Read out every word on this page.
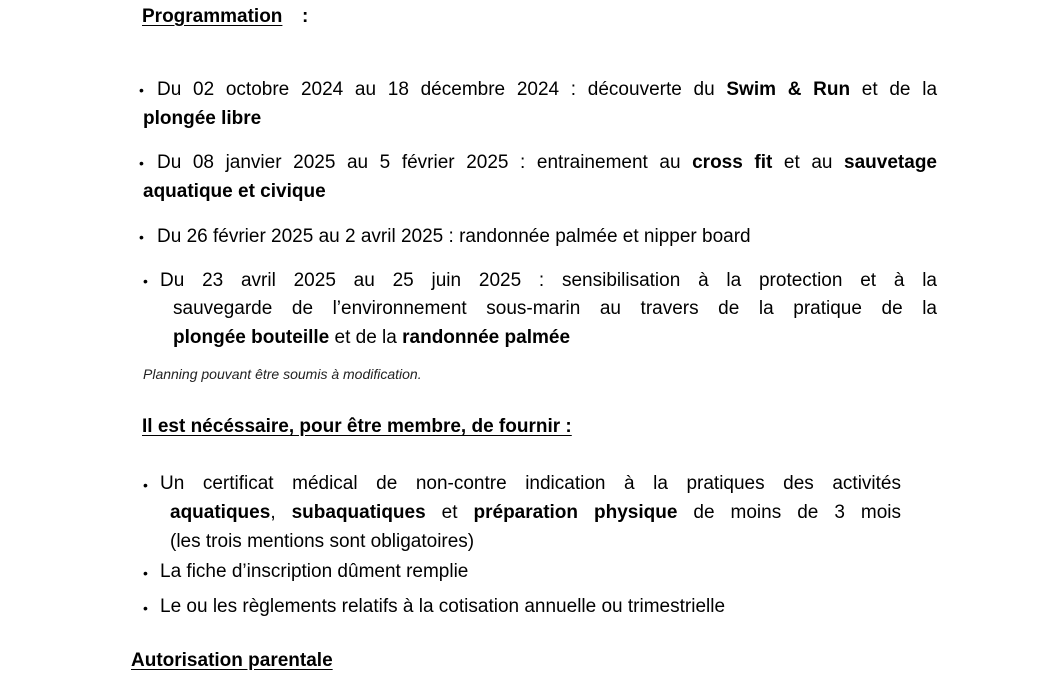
Programmation :
• Du 02 octobre 2024 au 18 décembre 2024 : découverte du Swim & Run et de la
plongée libre
• Du 08 janvier 2025 au 5 février 2025 : entrainement au cross fit et au sauvetage
aquatique et civique
• Du 26 février 2025 au 2 avril 2025 : randonnée palmée et nipper board
• Du 23 avril 2025 au 25 juin 2025 : sensibilisation à la protection et à la
sauvegarde de l’environnement sous-marin au travers de la pratique de la
plongée bouteille et de la randonnée palmée
Planning pouvant être soumis à modification.
Il est nécéssaire, pour être membre, de fournir :
• Un certificat médical de non-contre indication à la pratiques des activités
aquatiques, subaquatiques et préparation physique de moins de 3 mois
(les trois mentions sont obligatoires)
• La fiche d’inscription dûment remplie
• Le ou les règlements relatifs à la cotisation annuelle ou trimestrielle
Autorisation parentale
